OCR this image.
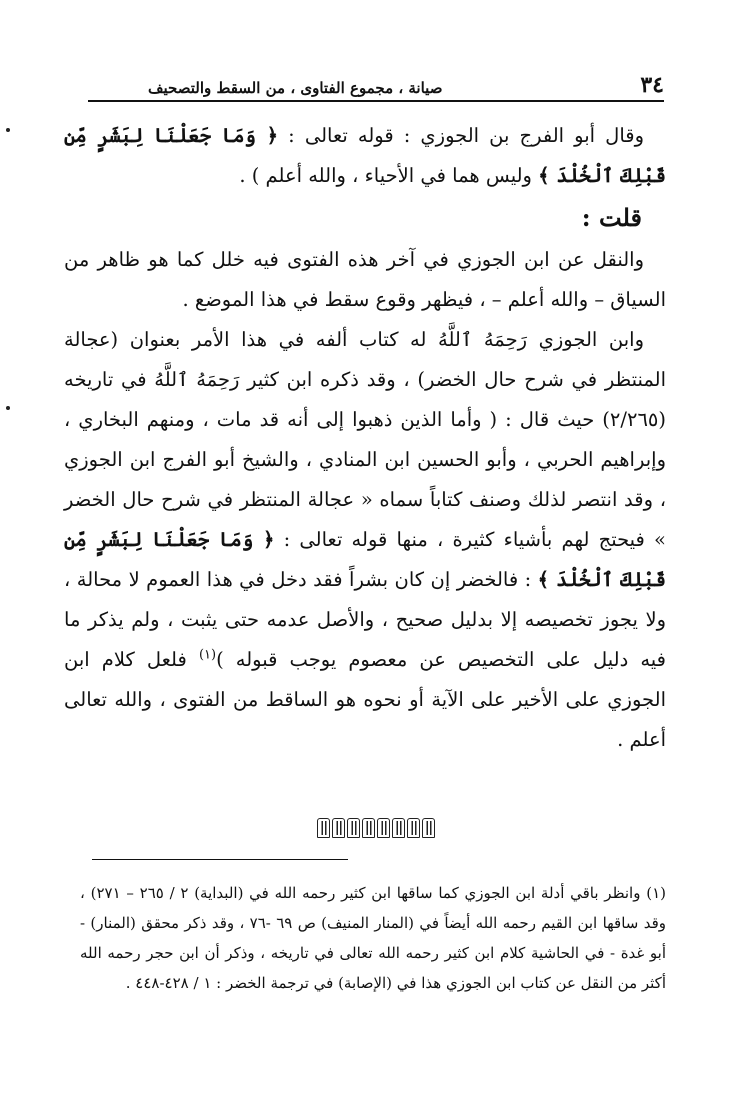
٣٤
صيانة ، مجموع الفتاوى ، من السقط والتصحيف

وقال أبو الفرج بن الجوزي : قوله تعالى : ﴿ وَمَا جَعَلْنَا لِبَشَرٍ مِّن قَبْلِكَ ٱلْخُلْدَ ﴾ وليس هما في الأحياء ، والله أعلم ) .

قلت :

والنقل عن ابن الجوزي في آخر هذه الفتوى فيه خلل كما هو ظاهر من السياق – والله أعلم – ، فيظهر وقوع سقط في هذا الموضع .

وابن الجوزي رَحِمَهُ ٱللَّهُ له كتاب ألفه في هذا الأمر بعنوان (عجالة المنتظر في شرح حال الخضر) ، وقد ذكره ابن كثير رَحِمَهُ ٱللَّهُ في تاريخه (٢/٢٦٥) حيث قال : ( وأما الذين ذهبوا إلى أنه قد مات ، ومنهم البخاري ، وإبراهيم الحربي ، وأبو الحسين ابن المنادي ، والشيخ أبو الفرج ابن الجوزي ، وقد انتصر لذلك وصنف كتاباً سماه « عجالة المنتظر في شرح حال الخضر » فيحتج لهم بأشياء كثيرة ، منها قوله تعالى : ﴿ وَمَا جَعَلْنَا لِبَشَرٍ مِّن قَبْلِكَ ٱلْخُلْدَ ﴾ : فالخضر إن كان بشراً فقد دخل في هذا العموم لا محالة ، ولا يجوز تخصيصه إلا بدليل صحيح ، والأصل عدمه حتى يثبت ، ولم يذكر ما فيه دليل على التخصيص عن معصوم يوجب قبوله )$^{(١)}$ فلعل كلام ابن الجوزي على الأخير على الآية أو نحوه هو الساقط من الفتوى ، والله تعالى أعلم .

(١) وانظر باقي أدلة ابن الجوزي كما ساقها ابن كثير رحمه الله في (البداية) ٢ / ٢٦٥ – ٢٧١) ، وقد ساقها ابن القيم رحمه الله أيضاً في (المنار المنيف) ص ٦٩ -٧٦ ، وقد ذكر محقق (المنار) - أبو غدة - في الحاشية كلام ابن كثير رحمه الله تعالى في تاريخه ، وذكر أن ابن حجر رحمه الله أكثر من النقل عن كتاب ابن الجوزي هذا في (الإصابة) في ترجمة الخضر : ١ / ٤٢٨-٤٤٨ .
